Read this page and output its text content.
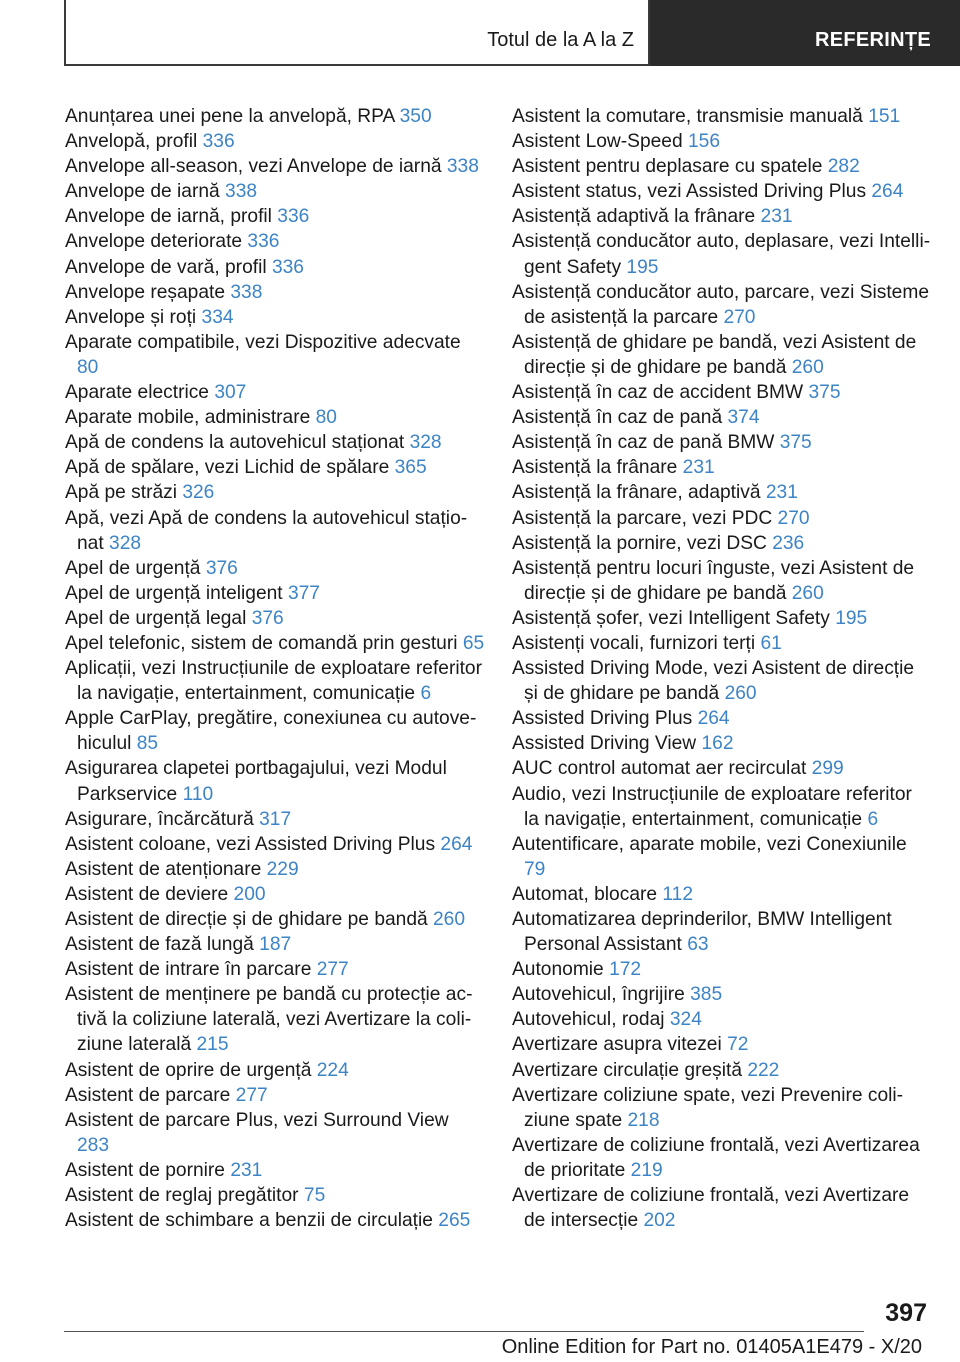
Totul de la A la Z	REFERINȚE
Anunțarea unei pene la anvelopă, RPA 350
Anvelopă, profil 336
Anvelope all-season, vezi Anvelope de iarnă 338
Anvelope de iarnă 338
Anvelope de iarnă, profil 336
Anvelope deteriorate 336
Anvelope de vară, profil 336
Anvelope reșapate 338
Anvelope și roți 334
Aparate compatibile, vezi Dispozitive adecvate 80
Aparate electrice 307
Aparate mobile, administrare 80
Apă de condens la autovehicul staționat 328
Apă de spălare, vezi Lichid de spălare 365
Apă pe străzi 326
Apă, vezi Apă de condens la autovehicul staționat 328
Apel de urgență 376
Apel de urgență inteligent 377
Apel de urgență legal 376
Apel telefonic, sistem de comandă prin gesturi 65
Aplicații, vezi Instrucțiunile de exploatare referitor la navigație, entertainment, comunicație 6
Apple CarPlay, pregătire, conexiunea cu autovehiculul 85
Asigurarea clapetei portbagajului, vezi Modul Parkservice 110
Asigurare, încărcătură 317
Asistent coloane, vezi Assisted Driving Plus 264
Asistent de atenționare 229
Asistent de deviere 200
Asistent de direcție și de ghidare pe bandă 260
Asistent de fază lungă 187
Asistent de intrare în parcare 277
Asistent de menținere pe bandă cu protecție activă la coliziune laterală, vezi Avertizare la coliziune laterală 215
Asistent de oprire de urgență 224
Asistent de parcare 277
Asistent de parcare Plus, vezi Surround View 283
Asistent de pornire 231
Asistent de reglaj pregătitor 75
Asistent de schimbare a benzii de circulație 265
Asistent la comutare, transmisie manuală 151
Asistent Low-Speed 156
Asistent pentru deplasare cu spatele 282
Asistent status, vezi Assisted Driving Plus 264
Asistență adaptivă la frânare 231
Asistență conducător auto, deplasare, vezi Intelligent Safety 195
Asistență conducător auto, parcare, vezi Sisteme de asistență la parcare 270
Asistență de ghidare pe bandă, vezi Asistent de direcție și de ghidare pe bandă 260
Asistență în caz de accident BMW 375
Asistență în caz de pană 374
Asistență în caz de pană BMW 375
Asistență la frânare 231
Asistență la frânare, adaptivă 231
Asistență la parcare, vezi PDC 270
Asistență la pornire, vezi DSC 236
Asistență pentru locuri înguste, vezi Asistent de direcție și de ghidare pe bandă 260
Asistență șofer, vezi Intelligent Safety 195
Asistenți vocali, furnizori terți 61
Assisted Driving Mode, vezi Asistent de direcție și de ghidare pe bandă 260
Assisted Driving Plus 264
Assisted Driving View 162
AUC control automat aer recirculat 299
Audio, vezi Instrucțiunile de exploatare referitor la navigație, entertainment, comunicație 6
Autentificare, aparate mobile, vezi Conexiunile 79
Automat, blocare 112
Automatizarea deprinderilor, BMW Intelligent Personal Assistant 63
Autonomie 172
Autovehicul, îngrijire 385
Autovehicul, rodaj 324
Avertizare asupra vitezei 72
Avertizare circulație greșită 222
Avertizare coliziune spate, vezi Prevenire coliziune spate 218
Avertizare de coliziune frontală, vezi Avertizarea de prioritate 219
Avertizare de coliziune frontală, vezi Avertizare de intersecție 202
397
Online Edition for Part no. 01405A1E479 - X/20
